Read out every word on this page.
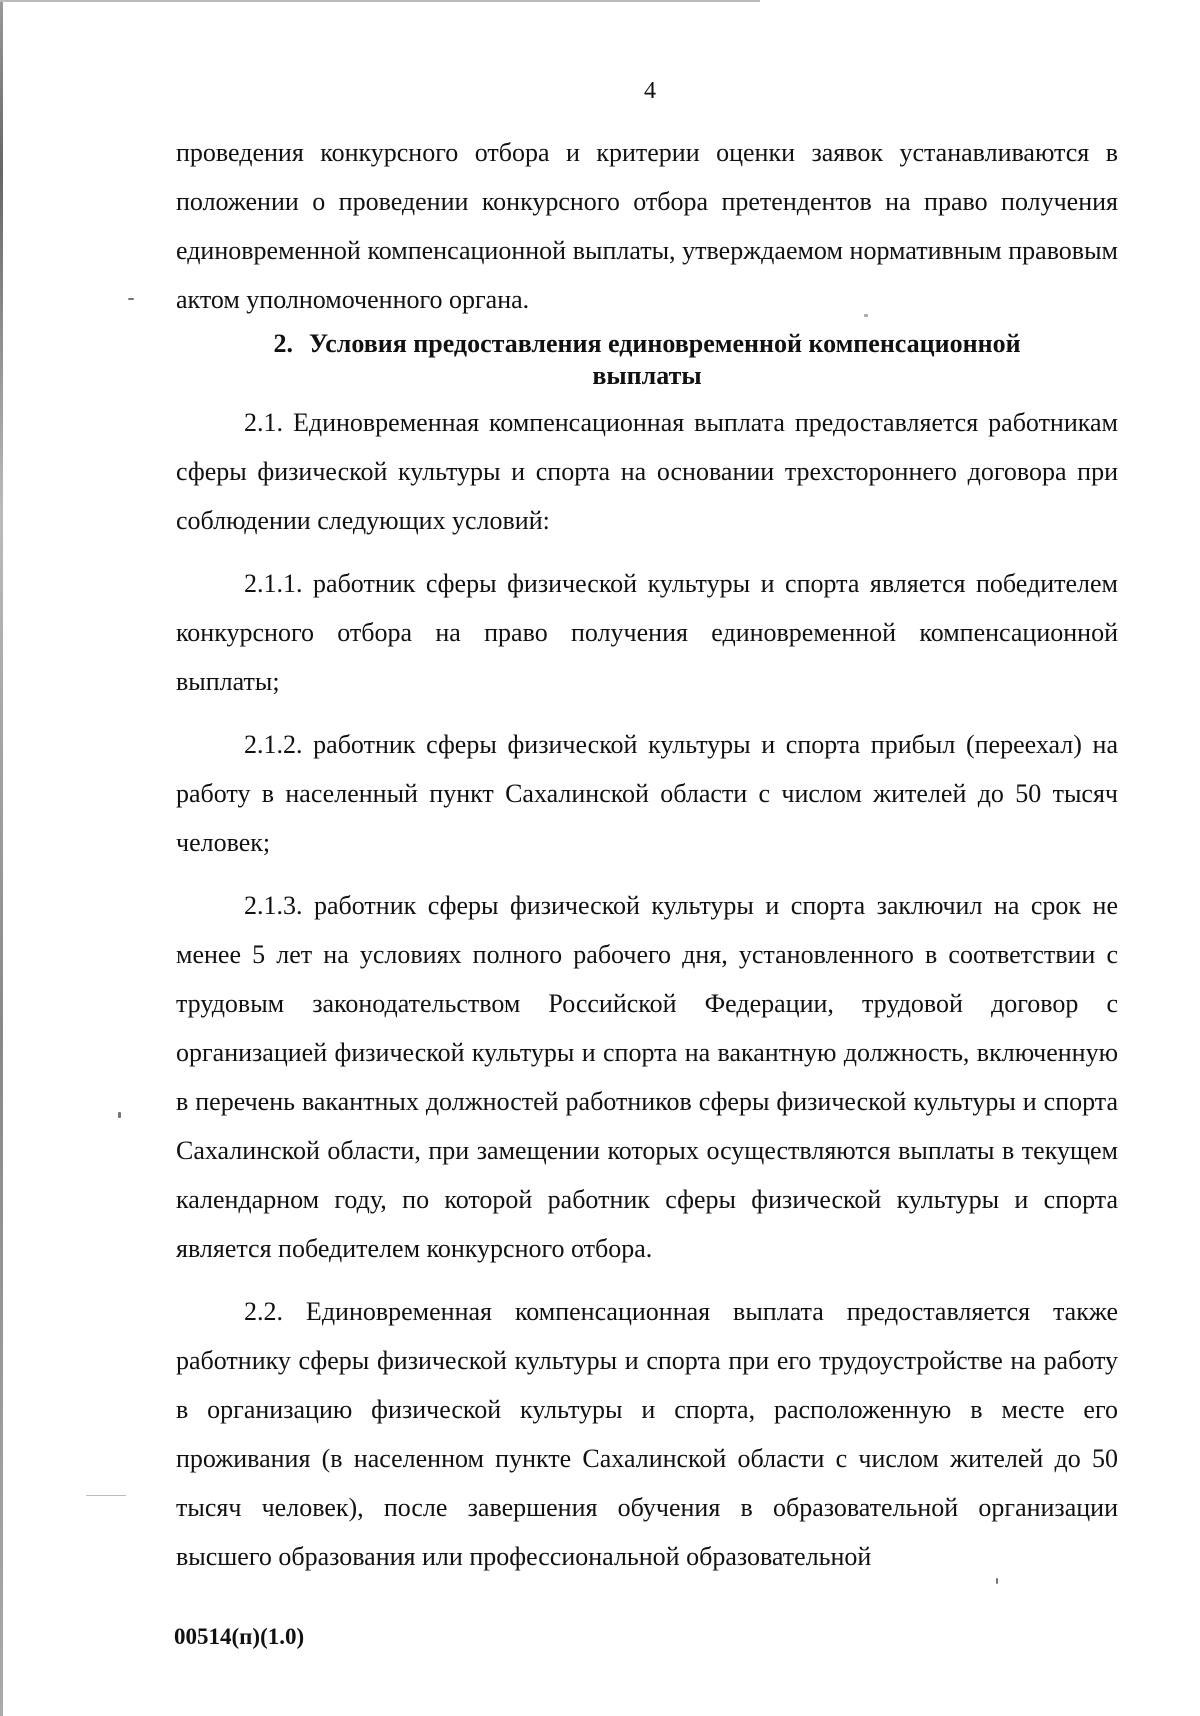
4

проведения конкурсного отбора и критерии оценки заявок устанавливаются в положении о проведении конкурсного отбора претендентов на право получения единовременной компенсационной выплаты, утверждаемом нормативным правовым актом уполномоченного органа.

2. Условия предоставления единовременной компенсационной
выплаты

2.1. Единовременная компенсационная выплата предоставляется работникам сферы физической культуры и спорта на основании трехстороннего договора при соблюдении следующих условий:

2.1.1. работник сферы физической культуры и спорта является победителем конкурсного отбора на право получения единовременной компенсационной выплаты;

2.1.2. работник сферы физической культуры и спорта прибыл (переехал) на работу в населенный пункт Сахалинской области с числом жителей до 50 тысяч человек;

2.1.3. работник сферы физической культуры и спорта заключил на срок не менее 5 лет на условиях полного рабочего дня, установленного в соответствии с трудовым законодательством Российской Федерации, трудовой договор с организацией физической культуры и спорта на вакантную должность, включенную в перечень вакантных должностей работников сферы физической культуры и спорта Сахалинской области, при замещении которых осуществляются выплаты в текущем календарном году, по которой работник сферы физической культуры и спорта является победителем конкурсного отбора.

2.2. Единовременная компенсационная выплата предоставляется также работнику сферы физической культуры и спорта при его трудоустройстве на работу в организацию физической культуры и спорта, расположенную в месте его проживания (в населенном пункте Сахалинской области с числом жителей до 50 тысяч человек), после завершения обучения в образовательной организации высшего образования или профессиональной образовательной

00514(п)(1.0)
